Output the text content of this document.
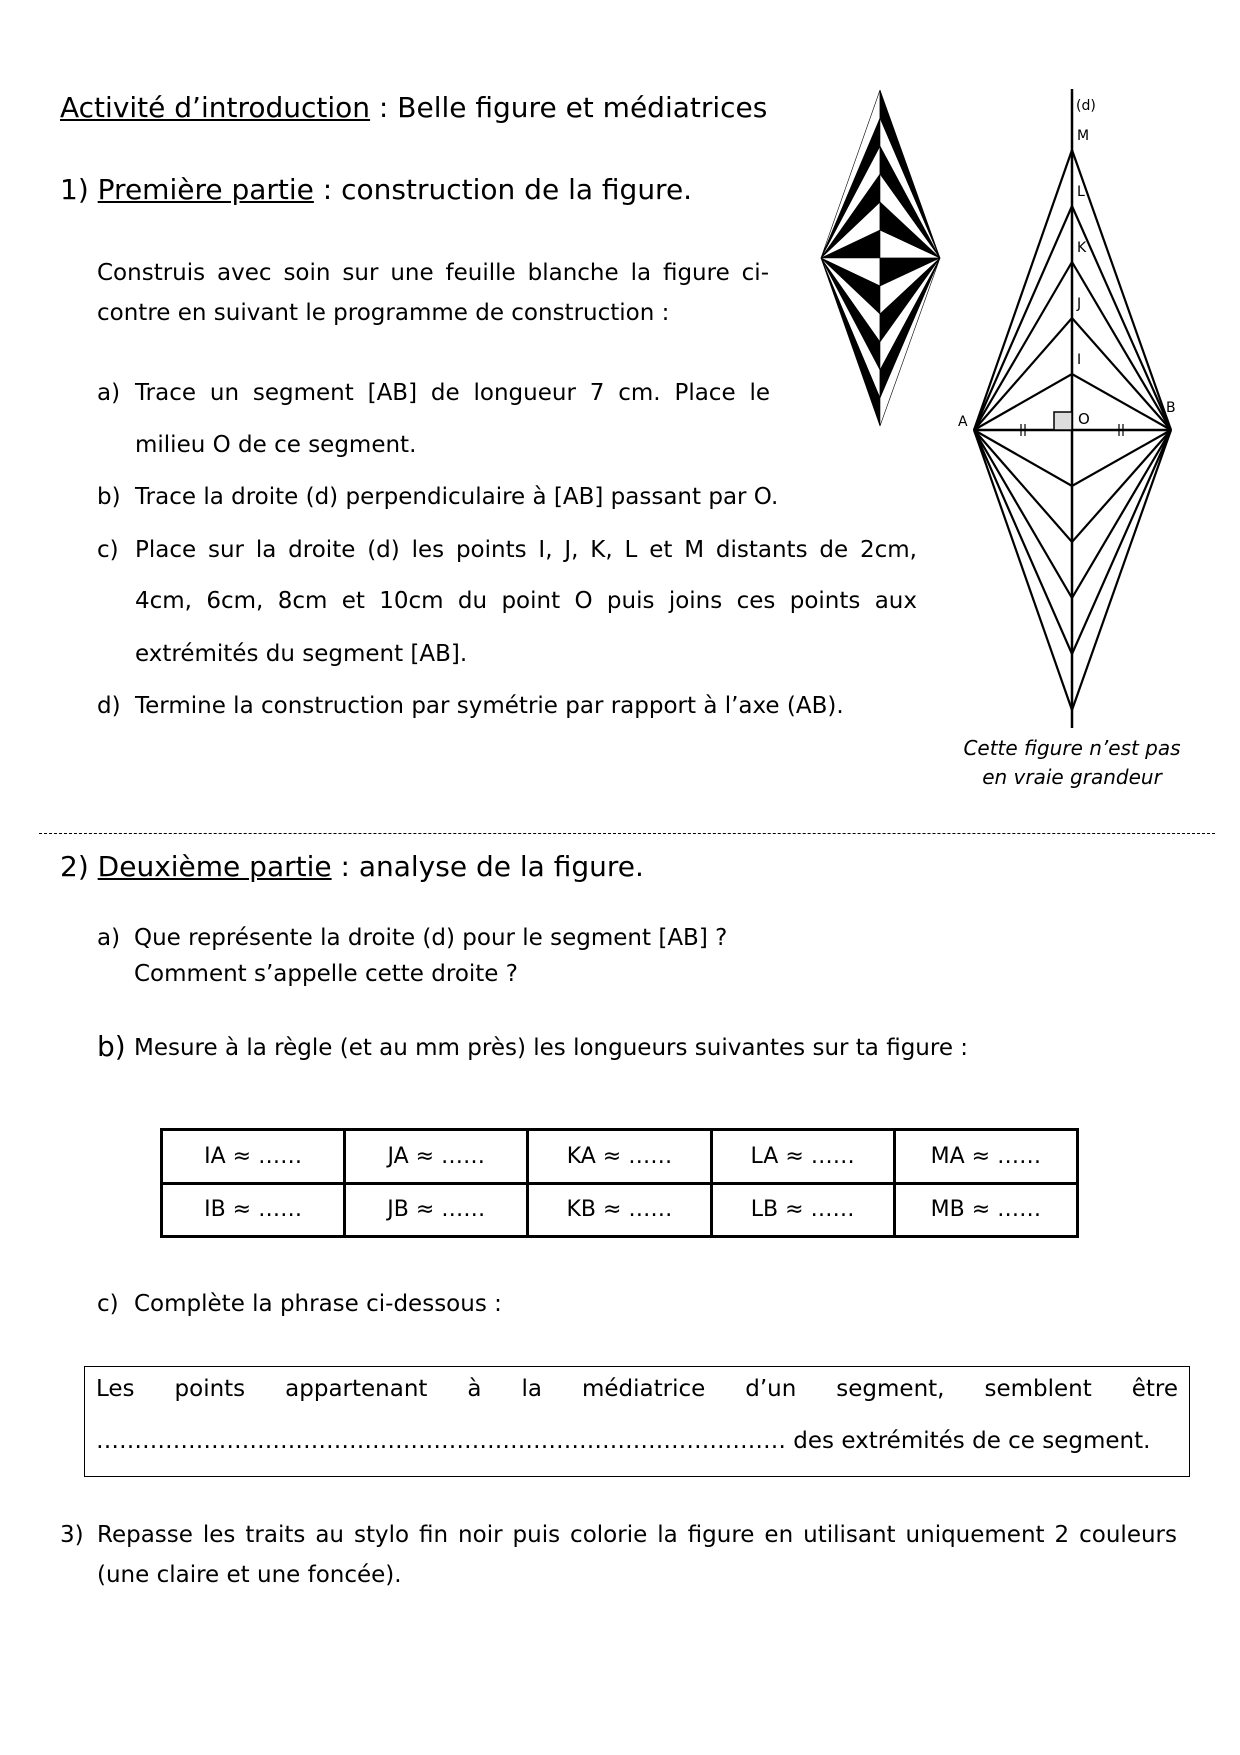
Activité d’introduction : Belle figure et médiatrices
1) Première partie : construction de la figure.
Construis avec soin sur une feuille blanche la figure ci-
contre en suivant le programme de construction :
a) Trace un segment [AB] de longueur 7 cm. Place le
milieu O de ce segment.
b) Trace la droite (d) perpendiculaire à [AB] passant par O.
c) Place sur la droite (d) les points I, J, K, L et M distants de 2cm,
4cm, 6cm, 8cm et 10cm du point O puis joins ces points aux
extrémités du segment [AB].
d) Termine la construction par symétrie par rapport à l’axe (AB).
(d)
M
L
K
J
I
O
A
B
Cette figure n’est pas
en vraie grandeur
2) Deuxième partie : analyse de la figure.
a) Que représente la droite (d) pour le segment [AB] ?
Comment s’appelle cette droite ?
b) Mesure à la règle (et au mm près) les longueurs suivantes sur ta figure :
IA ≈ ……	JA ≈ ……	KA ≈ ……	LA ≈ ……	MA ≈ ……
IB ≈ ……	JB ≈ ……	KB ≈ ……	LB ≈ ……	MB ≈ ……
c) Complète la phrase ci-dessous :
Les points appartenant à la médiatrice d’un segment, semblent être
……………………………………………………………………………… des extrémités de ce segment.
3) Repasse les traits au stylo fin noir puis colorie la figure en utilisant uniquement 2 couleurs
(une claire et une foncée).
